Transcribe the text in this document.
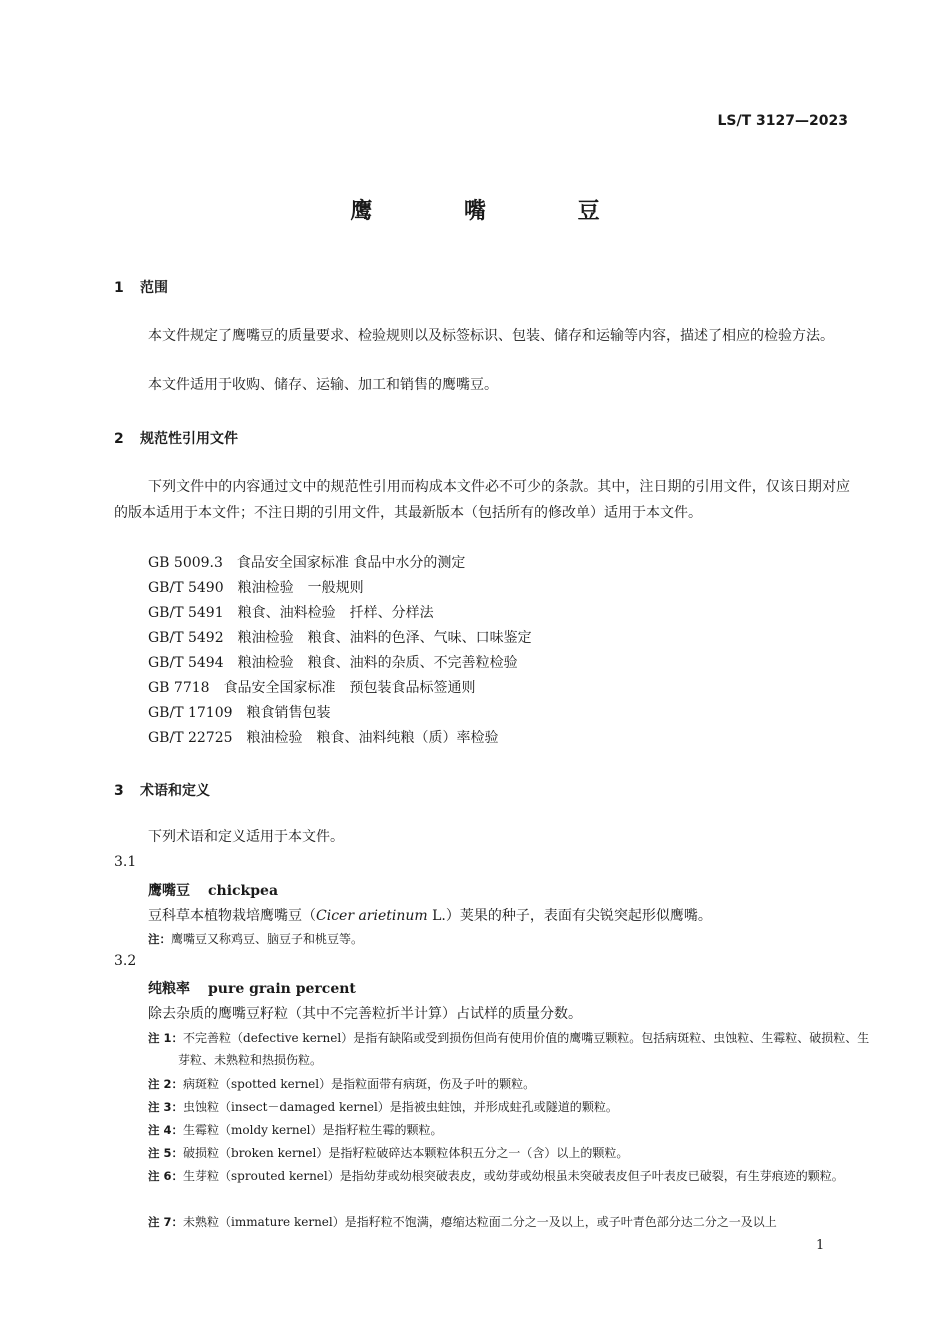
LS/T 3127—2023
鹰 嘴 豆
1 范围
本文件规定了鹰嘴豆的质量要求、检验规则以及标签标识、包装、储存和运输等内容，描述了相应的检验方法。
本文件适用于收购、储存、运输、加工和销售的鹰嘴豆。
2 规范性引用文件
下列文件中的内容通过文中的规范性引用而构成本文件必不可少的条款。其中，注日期的引用文件，仅该日期对应的版本适用于本文件；不注日期的引用文件，其最新版本（包括所有的修改单）适用于本文件。
GB 5009.3 食品安全国家标准 食品中水分的测定
GB/T 5490 粮油检验　一般规则
GB/T 5491 粮食、油料检验　扦样、分样法
GB/T 5492 粮油检验　粮食、油料的色泽、气味、口味鉴定
GB/T 5494 粮油检验　粮食、油料的杂质、不完善粒检验
GB 7718 食品安全国家标准　预包装食品标签通则
GB/T 17109 粮食销售包装
GB/T 22725 粮油检验　粮食、油料纯粮（质）率检验
3 术语和定义
下列术语和定义适用于本文件。
3.1
鹰嘴豆 chickpea
豆科草本植物栽培鹰嘴豆（Cicer arietinum L.）荚果的种子，表面有尖锐突起形似鹰嘴。
注：鹰嘴豆又称鸡豆、脑豆子和桃豆等。
3.2
纯粮率 pure grain percent
除去杂质的鹰嘴豆籽粒（其中不完善粒折半计算）占试样的质量分数。
注 1：不完善粒（defective kernel）是指有缺陷或受到损伤但尚有使用价值的鹰嘴豆颗粒。包括病斑粒、虫蚀粒、生霉粒、破损粒、生芽粒、未熟粒和热损伤粒。
注 2：病斑粒（spotted kernel）是指粒面带有病斑，伤及子叶的颗粒。
注 3：虫蚀粒（insect－damaged kernel）是指被虫蛀蚀，并形成蛀孔或隧道的颗粒。
注 4：生霉粒（moldy kernel）是指籽粒生霉的颗粒。
注 5：破损粒（broken kernel）是指籽粒破碎达本颗粒体积五分之一（含）以上的颗粒。
注 6：生芽粒（sprouted kernel）是指幼芽或幼根突破表皮，或幼芽或幼根虽未突破表皮但子叶表皮已破裂，有生芽痕迹的颗粒。
注 7：未熟粒（immature kernel）是指籽粒不饱满，瘪缩达粒面二分之一及以上，或子叶青色部分达二分之一及以上
1
